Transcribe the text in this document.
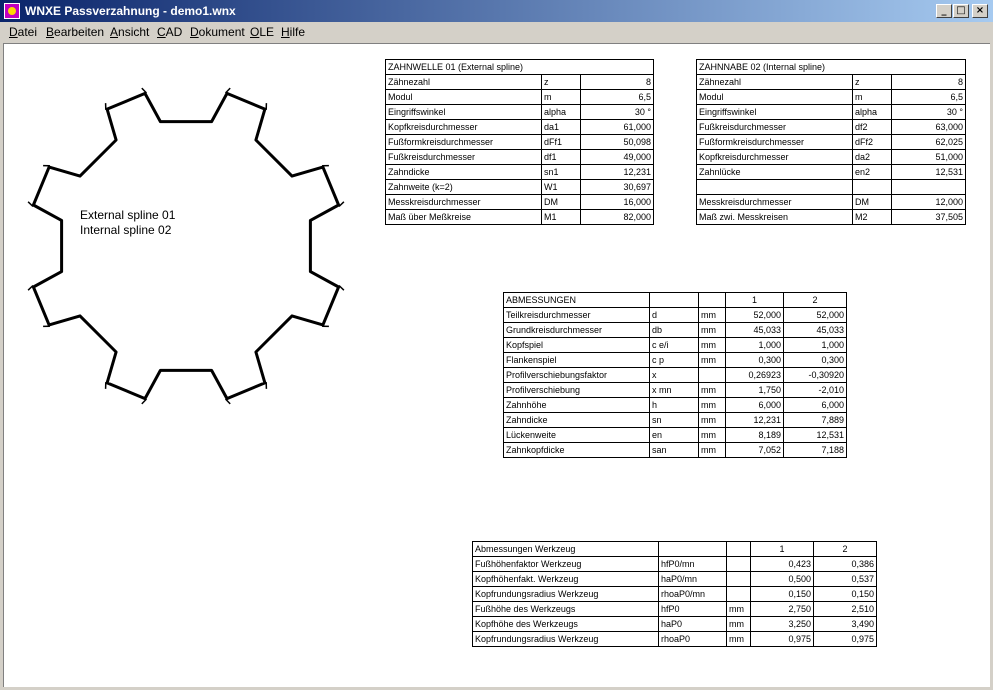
WNXE Passverzahnung - demo1.wnx	_ □	×
Datei Bearbeiten Ansicht CAD Dokument OLE Hilfe
External spline 01
Internal spline 02
ZAHNWELLE 01 (External spline)		
Zähnezahl	z	8
Modul	m	6,5
Eingriffswinkel	alpha	30 °
Kopfkreisdurchmesser	da1	61,000
Fußformkreisdurchmesser	dFf1	50,098
Fußkreisdurchmesser	df1	49,000
Zahndicke	sn1	12,231
Zahnweite (k=2)	W1	30,697
Messkreisdurchmesser	DM	16,000
Maß über Meßkreise	M1	82,000
ZAHNNABE 02 (Internal spline)		
Zähnezahl	z	8
Modul	m	6,5
Eingriffswinkel	alpha	30 °
Fußkreisdurchmesser	df2	63,000
Fußformkreisdurchmesser	dFf2	62,025
Kopfkreisdurchmesser	da2	51,000
Zahnlücke	en2	12,531

Messkreisdurchmesser	DM	12,000
Maß zwi. Messkreisen	M2	37,505
ABMESSUNGEN			1	2
Teilkreisdurchmesser	d	mm	52,000	52,000
Grundkreisdurchmesser	db	mm	45,033	45,033
Kopfspiel	c e/i	mm	1,000	1,000
Flankenspiel	c p	mm	0,300	0,300
Profilverschiebungsfaktor	x		0,26923	-0,30920
Profilverschiebung	x mn	mm	1,750	-2,010
Zahnhöhe	h	mm	6,000	6,000
Zahndicke	sn	mm	12,231	7,889
Lückenweite	en	mm	8,189	12,531
Zahnkopfdicke	san	mm	7,052	7,188
Abmessungen Werkzeug			1	2
Fußhöhenfaktor Werkzeug	hfP0/mn		0,423	0,386
Kopfhöhenfakt. Werkzeug	haP0/mn		0,500	0,537
Kopfrundungsradius Werkzeug	rhoaP0/mn		0,150	0,150
Fußhöhe des Werkzeugs	hfP0	mm	2,750	2,510
Kopfhöhe des Werkzeugs	haP0	mm	3,250	3,490
Kopfrundungsradius Werkzeug	rhoaP0	mm	0,975	0,975
